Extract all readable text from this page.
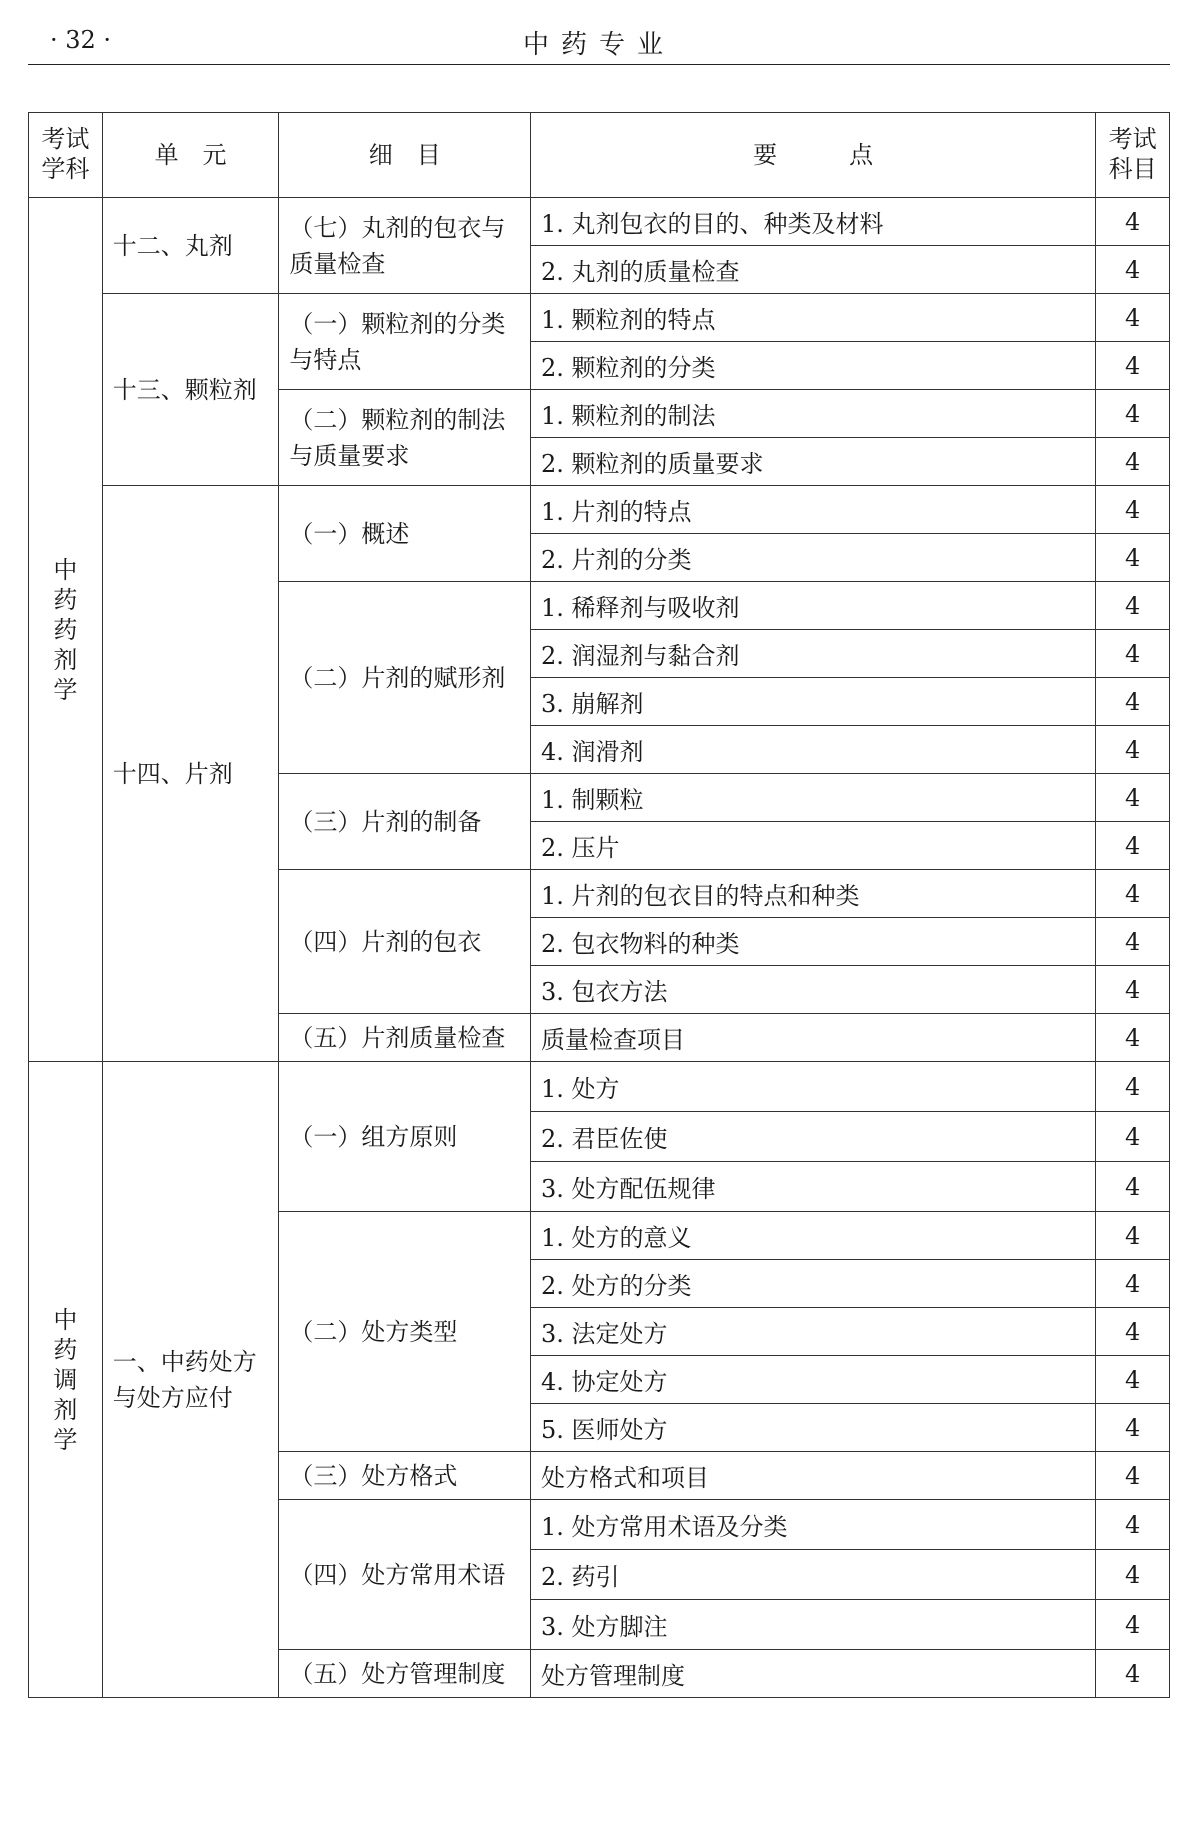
· 32 ·	中药专业
考试学科	单　元	细　目	要　　　点	考试科目
中药药剂学	十二、丸剂	（七）丸剂的包衣与质量检查	1. 丸剂包衣的目的、种类及材料	4
			2. 丸剂的质量检查	4
	十三、颗粒剂	（一）颗粒剂的分类与特点	1. 颗粒剂的特点	4
			2. 颗粒剂的分类	4
		（二）颗粒剂的制法与质量要求	1. 颗粒剂的制法	4
			2. 颗粒剂的质量要求	4
	十四、片剂	（一）概述	1. 片剂的特点	4
			2. 片剂的分类	4
		（二）片剂的赋形剂	1. 稀释剂与吸收剂	4
			2. 润湿剂与黏合剂	4
			3. 崩解剂	4
			4. 润滑剂	4
		（三）片剂的制备	1. 制颗粒	4
			2. 压片	4
		（四）片剂的包衣	1. 片剂的包衣目的特点和种类	4
			2. 包衣物料的种类	4
			3. 包衣方法	4
		（五）片剂质量检查	质量检查项目	4
中药调剂学	一、中药处方与处方应付	（一）组方原则	1. 处方	4
			2. 君臣佐使	4
			3. 处方配伍规律	4
		（二）处方类型	1. 处方的意义	4
			2. 处方的分类	4
			3. 法定处方	4
			4. 协定处方	4
			5. 医师处方	4
		（三）处方格式	处方格式和项目	4
		（四）处方常用术语	1. 处方常用术语及分类	4
			2. 药引	4
			3. 处方脚注	4
		（五）处方管理制度	处方管理制度	4
